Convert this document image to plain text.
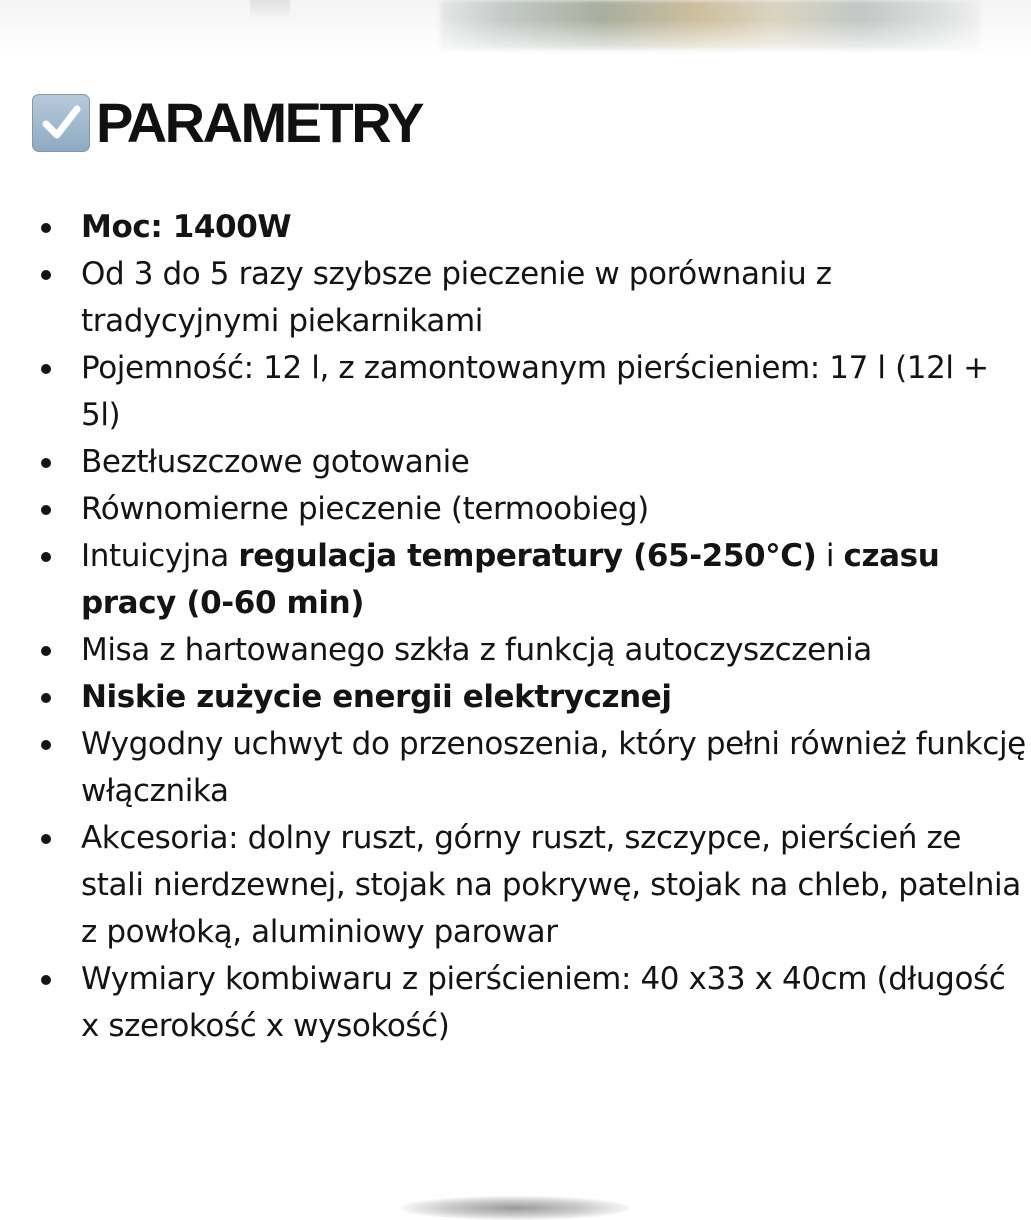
PARAMETRY
Moc: 1400W
Od 3 do 5 razy szybsze pieczenie w porównaniu z tradycyjnymi piekarnikami
Pojemność: 12 l, z zamontowanym pierścieniem: 17 l (12l + 5l)
Beztłuszczowe gotowanie
Równomierne pieczenie (termoobieg)
Intuicyjna regulacja temperatury (65-250°C) i czasu pracy (0-60 min)
Misa z hartowanego szkła z funkcją autoczyszczenia
Niskie zużycie energii elektrycznej
Wygodny uchwyt do przenoszenia, który pełni również funkcję włącznika
Akcesoria: dolny ruszt, górny ruszt, szczypce, pierścień ze stali nierdzewnej, stojak na pokrywę, stojak na chleb, patelnia z powłoką, aluminiowy parowar
Wymiary kombiwaru z pierścieniem: 40 x33 x 40cm (długość x szerokość x wysokość)
